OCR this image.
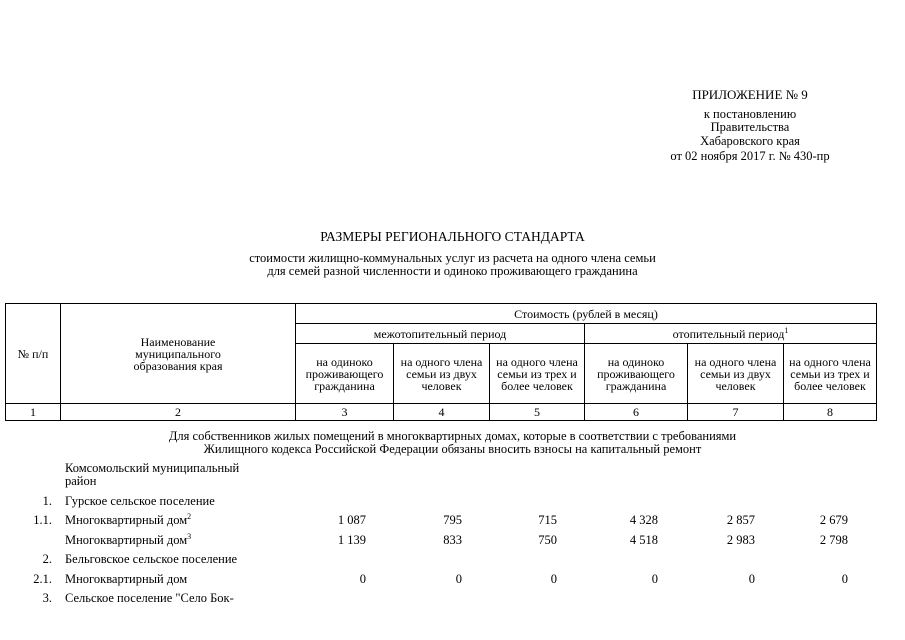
ПРИЛОЖЕНИЕ № 9
к постановлению
Правительства
Хабаровского края
от 02 ноября 2017 г. № 430-пр
РАЗМЕРЫ РЕГИОНАЛЬНОГО СТАНДАРТА
стоимости жилищно-коммунальных услуг из расчета на одного члена семьи
для семей разной численности и одиноко проживающего гражданина
№ п/п	Наименование муниципального образования края	Стоимость (рублей в месяц)					
		межотопительный период			отопительный период$^1$
		на одиноко проживающего гражданина	на одного члена семьи из двух человек	на одного члена семьи из трех и более человек	на одиноко проживающего гражданина	на одного члена семьи из двух человек	на одного члена семьи из трех и более человек
1	2	3	4	5	6	7	8
Для собственников жилых помещений в многоквартирных домах, которые в соответствии с требованиями
Жилищного кодекса Российской Федерации обязаны вносить взносы на капитальный ремонт
Комсомольский муниципальный
район
1. Гурское сельское поселение
1.1. Многоквартирный дом$^2$	1 087	795	715	4 328	2 857	2 679
Многоквартирный дом$^3$	1 139	833	750	4 518	2 983	2 798
2. Бельговское сельское поселение
2.1. Многоквартирный дом	0	0	0	0	0	0
3. Сельское поселение "Село Бок-
